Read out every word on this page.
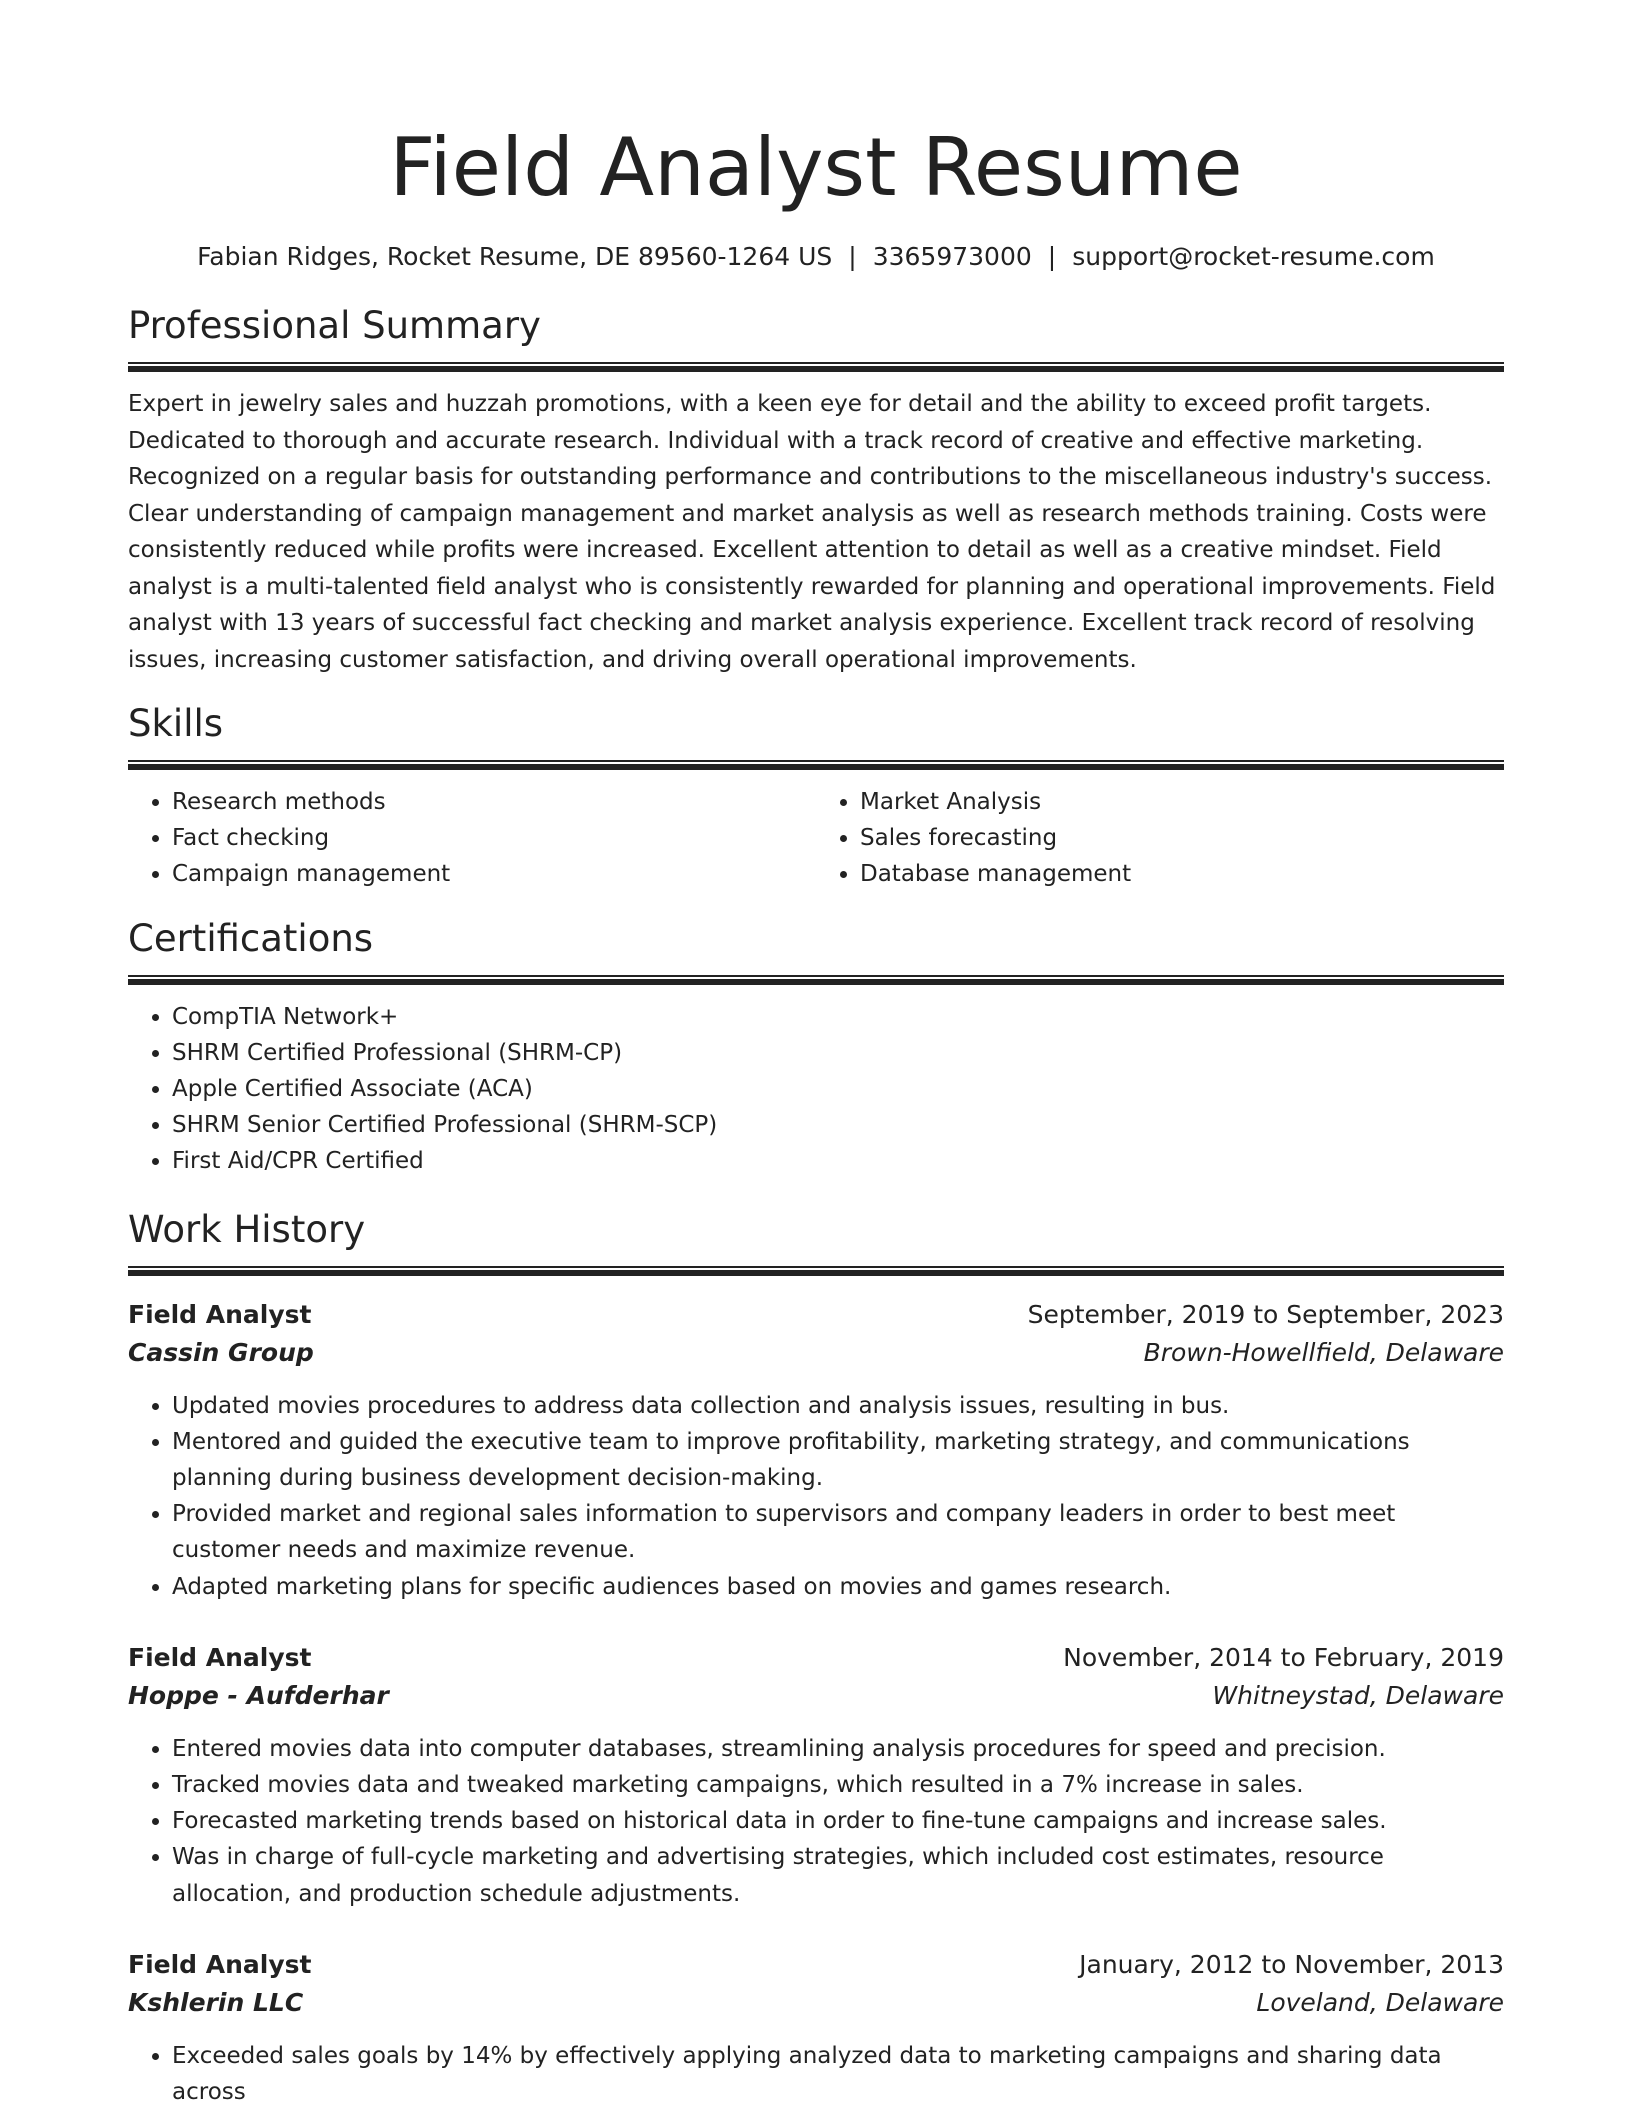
Field Analyst Resume
Fabian Ridges, Rocket Resume, DE 89560-1264 US | 3365973000 | support@rocket-resume.com
Professional Summary
Expert in jewelry sales and huzzah promotions, with a keen eye for detail and the ability to exceed profit targets. Dedicated to thorough and accurate research. Individual with a track record of creative and effective marketing. Recognized on a regular basis for outstanding performance and contributions to the miscellaneous industry's success. Clear understanding of campaign management and market analysis as well as research methods training. Costs were consistently reduced while profits were increased. Excellent attention to detail as well as a creative mindset. Field analyst is a multi-talented field analyst who is consistently rewarded for planning and operational improvements. Field analyst with 13 years of successful fact checking and market analysis experience. Excellent track record of resolving issues, increasing customer satisfaction, and driving overall operational improvements.
Skills
• Research methods
• Fact checking
• Campaign management
• Market Analysis
• Sales forecasting
• Database management
Certifications
• CompTIA Network+
• SHRM Certified Professional (SHRM-CP)
• Apple Certified Associate (ACA)
• SHRM Senior Certified Professional (SHRM-SCP)
• First Aid/CPR Certified
Work History
Field Analyst	September, 2019 to September, 2023
Cassin Group	Brown-Howellfield, Delaware
• Updated movies procedures to address data collection and analysis issues, resulting in bus.
• Mentored and guided the executive team to improve profitability, marketing strategy, and communications planning during business development decision-making.
• Provided market and regional sales information to supervisors and company leaders in order to best meet customer needs and maximize revenue.
• Adapted marketing plans for specific audiences based on movies and games research.
Field Analyst	November, 2014 to February, 2019
Hoppe - Aufderhar	Whitneystad, Delaware
• Entered movies data into computer databases, streamlining analysis procedures for speed and precision.
• Tracked movies data and tweaked marketing campaigns, which resulted in a 7% increase in sales.
• Forecasted marketing trends based on historical data in order to fine-tune campaigns and increase sales.
• Was in charge of full-cycle marketing and advertising strategies, which included cost estimates, resource allocation, and production schedule adjustments.
Field Analyst	January, 2012 to November, 2013
Kshlerin LLC	Loveland, Delaware
• Exceeded sales goals by 14% by effectively applying analyzed data to marketing campaigns and sharing data across
